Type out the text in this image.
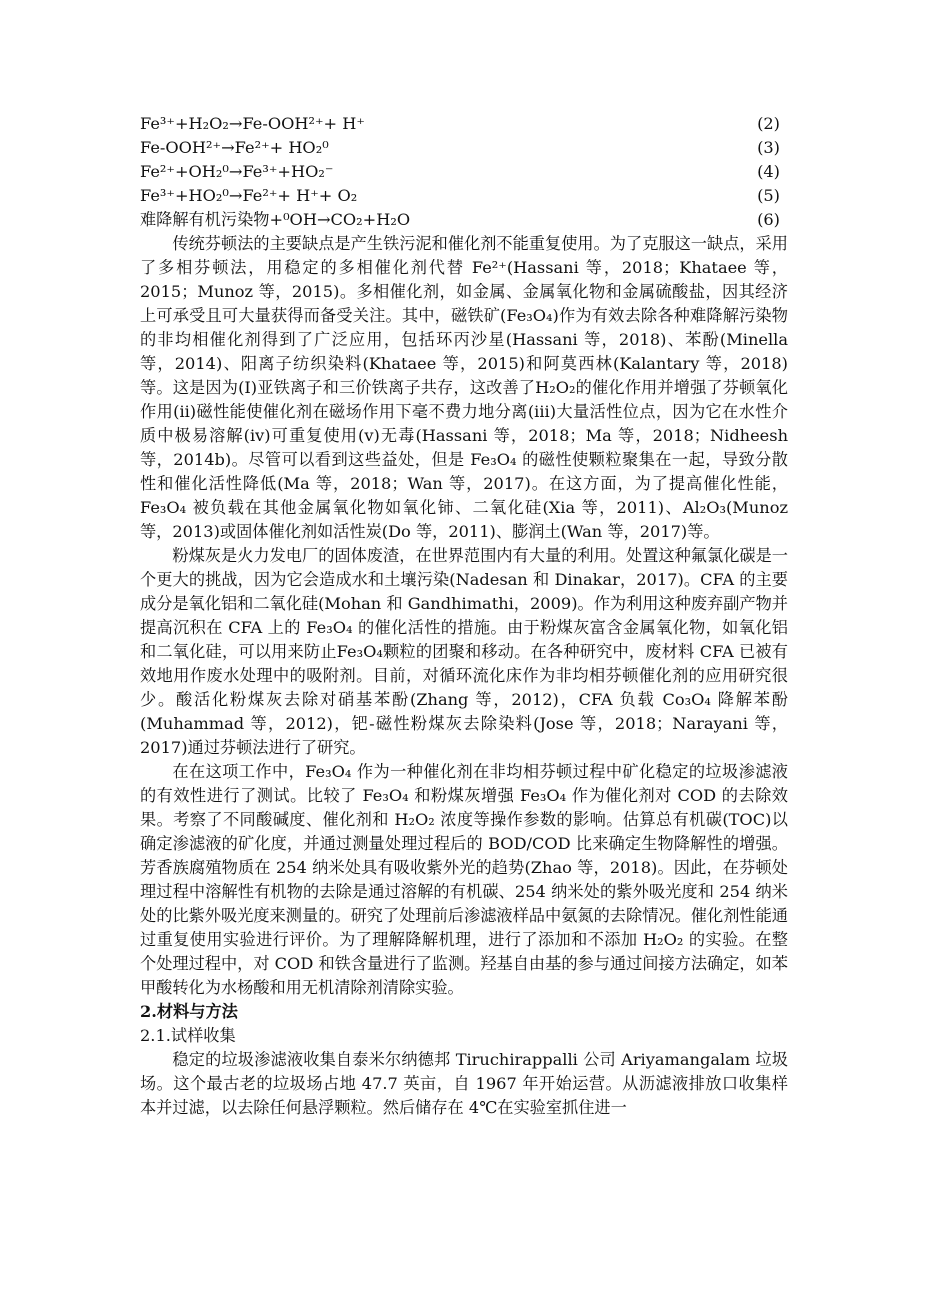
Fe³⁺+H₂O₂→Fe-OOH²⁺+ H⁺	(2)
Fe-OOH²⁺→Fe²⁺+ HO₂⁰	(3)
Fe²⁺+OH₂⁰→Fe³⁺+HO₂⁻	(4)
Fe³⁺+HO₂⁰→Fe²⁺+ H⁺+ O₂	(5)
难降解有机污染物+⁰OH→CO₂+H₂O	(6)

传统芬顿法的主要缺点是产生铁污泥和催化剂不能重复使用。为了克服这一缺点，采用了多相芬顿法，用稳定的多相催化剂代替 Fe²⁺(Hassani 等，2018；Khataee 等，2015；Munoz 等，2015)。多相催化剂，如金属、金属氧化物和金属硫酸盐，因其经济上可承受且可大量获得而备受关注。其中，磁铁矿(Fe₃O₄)作为有效去除各种难降解污染物的非均相催化剂得到了广泛应用，包括环丙沙星(Hassani 等，2018)、苯酚(Minella 等，2014)、阳离子纺织染料(Khataee 等，2015)和阿莫西林(Kalantary 等，2018)等。这是因为(I)亚铁离子和三价铁离子共存，这改善了H₂O₂的催化作用并增强了芬顿氧化作用(ii)磁性能使催化剂在磁场作用下毫不费力地分离(iii)大量活性位点，因为它在水性介质中极易溶解(iv)可重复使用(v)无毒(Hassani 等，2018；Ma 等，2018；Nidheesh 等，2014b)。尽管可以看到这些益处，但是 Fe₃O₄ 的磁性使颗粒聚集在一起，导致分散性和催化活性降低(Ma 等，2018；Wan 等，2017)。在这方面，为了提高催化性能，Fe₃O₄ 被负载在其他金属氧化物如氧化铈、二氧化硅(Xia 等，2011)、Al₂O₃(Munoz 等，2013)或固体催化剂如活性炭(Do 等，2011)、膨润土(Wan 等，2017)等。

粉煤灰是火力发电厂的固体废渣，在世界范围内有大量的利用。处置这种氟氯化碳是一个更大的挑战，因为它会造成水和土壤污染(Nadesan 和 Dinakar，2017)。CFA 的主要成分是氧化铝和二氧化硅(Mohan 和 Gandhimathi，2009)。作为利用这种废弃副产物并提高沉积在 CFA 上的 Fe₃O₄ 的催化活性的措施。由于粉煤灰富含金属氧化物，如氧化铝和二氧化硅，可以用来防止Fe₃O₄颗粒的团聚和移动。在各种研究中，废材料 CFA 已被有效地用作废水处理中的吸附剂。目前，对循环流化床作为非均相芬顿催化剂的应用研究很少。酸活化粉煤灰去除对硝基苯酚(Zhang 等，2012)，CFA 负载 Co₃O₄ 降解苯酚(Muhammad 等，2012)，钯-磁性粉煤灰去除染料(Jose 等，2018；Narayani 等，2017)通过芬顿法进行了研究。

在在这项工作中，Fe₃O₄ 作为一种催化剂在非均相芬顿过程中矿化稳定的垃圾渗滤液的有效性进行了测试。比较了 Fe₃O₄ 和粉煤灰增强 Fe₃O₄ 作为催化剂对 COD 的去除效果。考察了不同酸碱度、催化剂和 H₂O₂ 浓度等操作参数的影响。估算总有机碳(TOC)以确定渗滤液的矿化度，并通过测量处理过程后的 BOD/COD 比来确定生物降解性的增强。芳香族腐殖物质在 254 纳米处具有吸收紫外光的趋势(Zhao 等，2018)。因此，在芬顿处理过程中溶解性有机物的去除是通过溶解的有机碳、254 纳米处的紫外吸光度和 254 纳米处的比紫外吸光度来测量的。研究了处理前后渗滤液样品中氨氮的去除情况。催化剂性能通过重复使用实验进行评价。为了理解降解机理，进行了添加和不添加 H₂O₂ 的实验。在整个处理过程中，对 COD 和铁含量进行了监测。羟基自由基的参与通过间接方法确定，如苯甲酸转化为水杨酸和用无机清除剂清除实验。

2.材料与方法

2.1.试样收集

稳定的垃圾渗滤液收集自泰米尔纳德邦 Tiruchirappalli 公司 Ariyamangalam 垃圾场。这个最古老的垃圾场占地 47.7 英亩，自 1967 年开始运营。从沥滤液排放口收集样本并过滤，以去除任何悬浮颗粒。然后储存在 4℃在实验室抓住进一
